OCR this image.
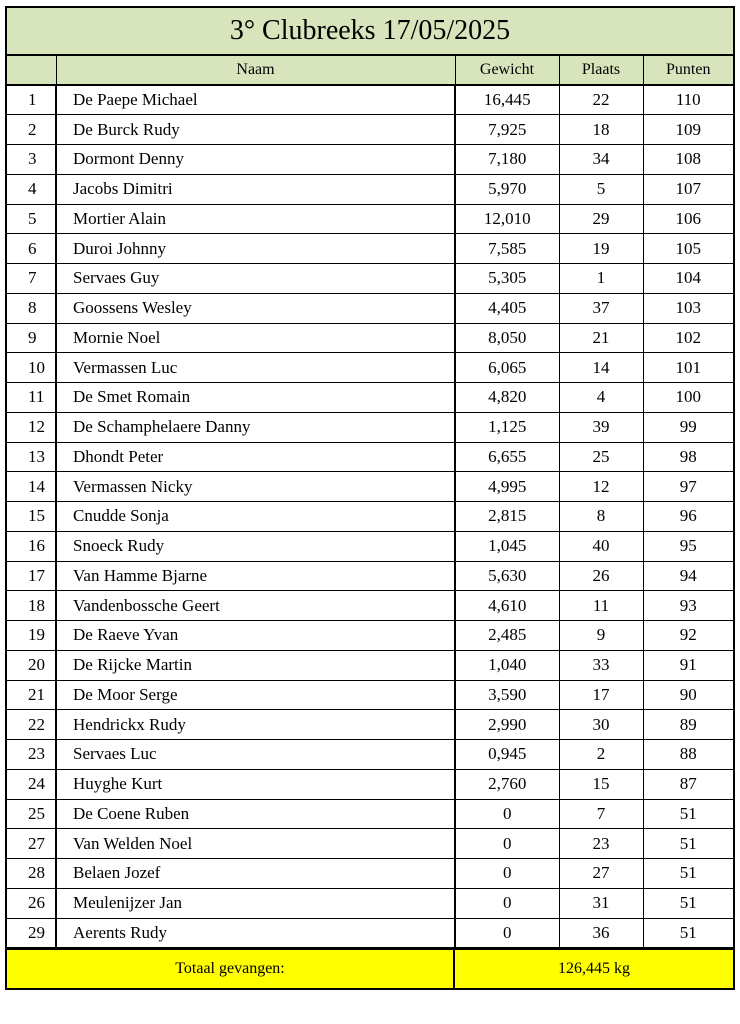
3° Clubreeks 17/05/2025
	Naam	Gewicht	Plaats	Punten
1	De Paepe Michael	16,445	22	110
2	De Burck Rudy	7,925	18	109
3	Dormont Denny	7,180	34	108
4	Jacobs Dimitri	5,970	5	107
5	Mortier Alain	12,010	29	106
6	Duroi Johnny	7,585	19	105
7	Servaes Guy	5,305	1	104
8	Goossens Wesley	4,405	37	103
9	Mornie Noel	8,050	21	102
10	Vermassen Luc	6,065	14	101
11	De Smet Romain	4,820	4	100
12	De Schamphelaere Danny	1,125	39	99
13	Dhondt Peter	6,655	25	98
14	Vermassen Nicky	4,995	12	97
15	Cnudde Sonja	2,815	8	96
16	Snoeck Rudy	1,045	40	95
17	Van Hamme Bjarne	5,630	26	94
18	Vandenbossche Geert	4,610	11	93
19	De Raeve Yvan	2,485	9	92
20	De Rijcke Martin	1,040	33	91
21	De Moor Serge	3,590	17	90
22	Hendrickx Rudy	2,990	30	89
23	Servaes Luc	0,945	2	88
24	Huyghe Kurt	2,760	15	87
25	De Coene Ruben	0	7	51
27	Van Welden Noel	0	23	51
28	Belaen Jozef	0	27	51
26	Meulenijzer Jan	0	31	51
29	Aerents Rudy	0	36	51
Totaal gevangen:	126,445 kg
